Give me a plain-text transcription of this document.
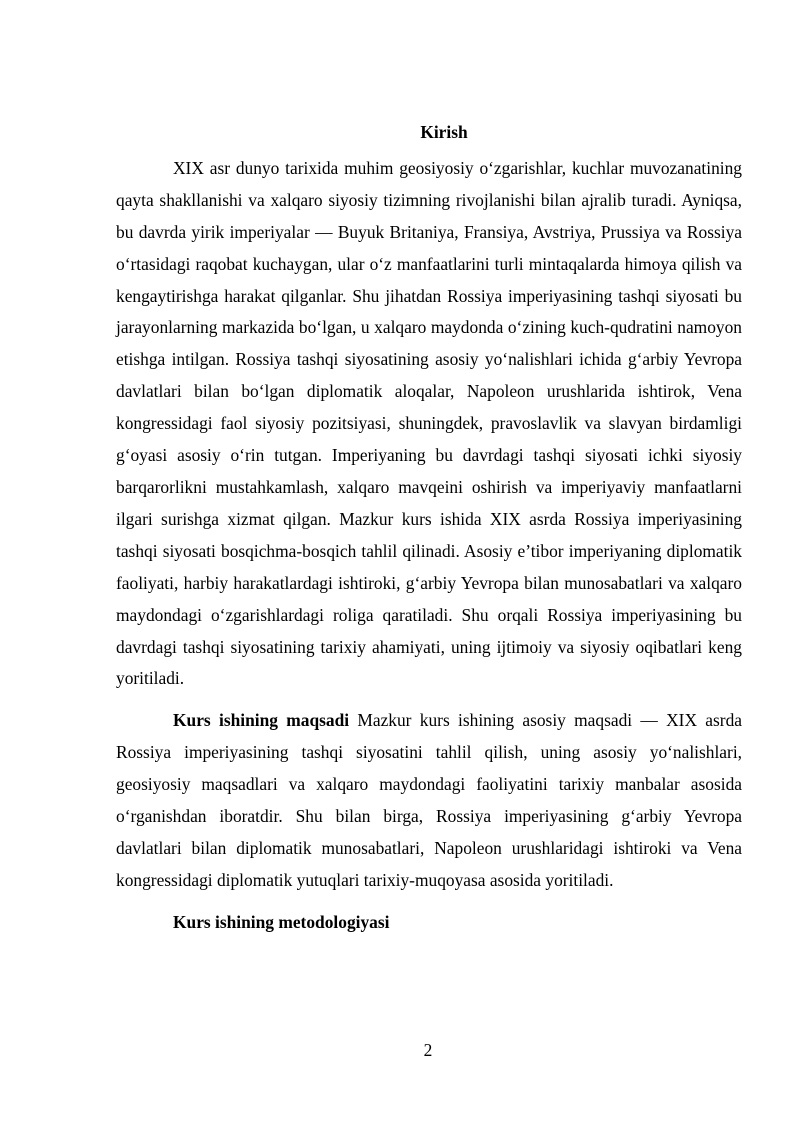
Kirish

XIX asr dunyo tarixida muhim geosiyosiy o‘zgarishlar, kuchlar muvozanatining qayta shakllanishi va xalqaro siyosiy tizimning rivojlanishi bilan ajralib turadi. Ayniqsa, bu davrda yirik imperiyalar — Buyuk Britaniya, Fransiya, Avstriya, Prussiya va Rossiya o‘rtasidagi raqobat kuchaygan, ular o‘z manfaatlarini turli mintaqalarda himoya qilish va kengaytirishga harakat qilganlar. Shu jihatdan Rossiya imperiyasining tashqi siyosati bu jarayonlarning markazida bo‘lgan, u xalqaro maydonda o‘zining kuch-qudratini namoyon etishga intilgan. Rossiya tashqi siyosatining asosiy yo‘nalishlari ichida g‘arbiy Yevropa davlatlari bilan bo‘lgan diplomatik aloqalar, Napoleon urushlarida ishtirok, Vena kongressidagi faol siyosiy pozitsiyasi, shuningdek, pravoslavlik va slavyan birdamligi g‘oyasi asosiy o‘rin tutgan. Imperiyaning bu davrdagi tashqi siyosati ichki siyosiy barqarorlikni mustahkamlash, xalqaro mavqeini oshirish va imperiyaviy manfaatlarni ilgari surishga xizmat qilgan. Mazkur kurs ishida XIX asrda Rossiya imperiyasining tashqi siyosati bosqichma-bosqich tahlil qilinadi. Asosiy e’tibor imperiyaning diplomatik faoliyati, harbiy harakatlardagi ishtiroki, g‘arbiy Yevropa bilan munosabatlari va xalqaro maydondagi o‘zgarishlardagi roliga qaratiladi. Shu orqali Rossiya imperiyasining bu davrdagi tashqi siyosatining tarixiy ahamiyati, uning ijtimoiy va siyosiy oqibatlari keng yoritiladi.

Kurs ishining maqsadi Mazkur kurs ishining asosiy maqsadi — XIX asrda Rossiya imperiyasining tashqi siyosatini tahlil qilish, uning asosiy yo‘nalishlari, geosiyosiy maqsadlari va xalqaro maydondagi faoliyatini tarixiy manbalar asosida o‘rganishdan iboratdir. Shu bilan birga, Rossiya imperiyasining g‘arbiy Yevropa davlatlari bilan diplomatik munosabatlari, Napoleon urushlaridagi ishtiroki va Vena kongressidagi diplomatik yutuqlari tarixiy-muqoyasa asosida yoritiladi.

Kurs ishining metodologiyasi

2
